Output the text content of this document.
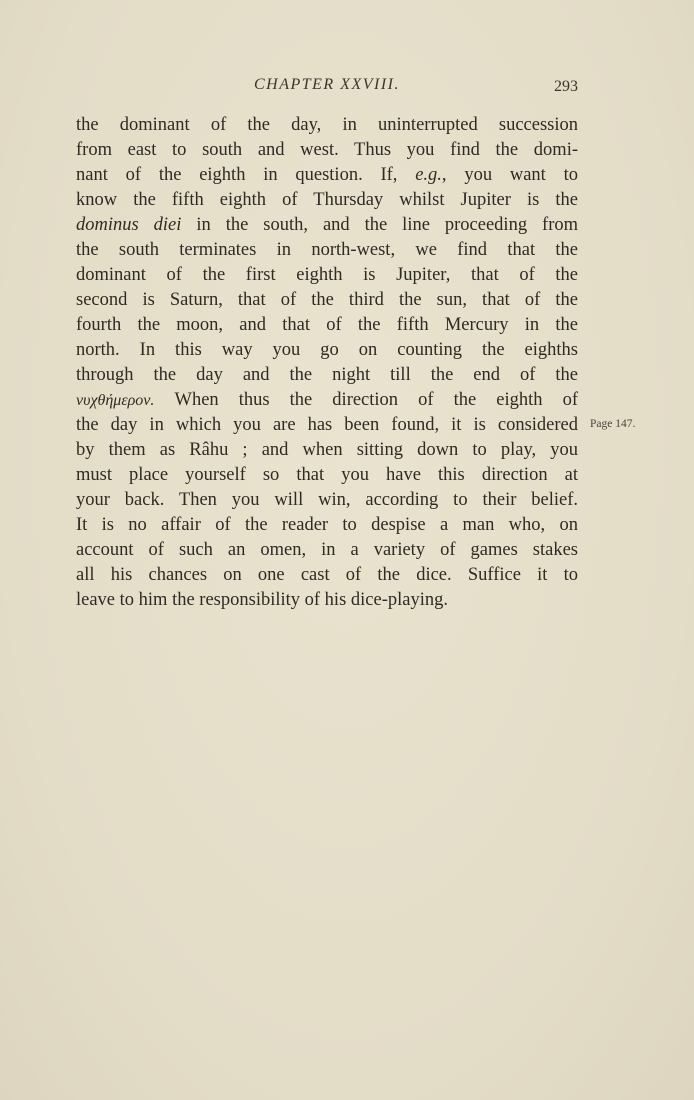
CHAPTER XXVIII.	293
the dominant of the day, in uninterrupted succession
from east to south and west. Thus you find the domi-
nant of the eighth in question. If, e.g., you want to
know the fifth eighth of Thursday whilst Jupiter is the
dominus diei in the south, and the line proceeding from
the south terminates in north-west, we find that the
dominant of the first eighth is Jupiter, that of the
second is Saturn, that of the third the sun, that of the
fourth the moon, and that of the fifth Mercury in the
north. In this way you go on counting the eighths
through the day and the night till the end of the
νυχθήμερον. When thus the direction of the eighth of
the day in which you are has been found, it is considered
by them as Râhu ; and when sitting down to play, you
must place yourself so that you have this direction at
your back. Then you will win, according to their belief.
It is no affair of the reader to despise a man who, on
account of such an omen, in a variety of games stakes
all his chances on one cast of the dice. Suffice it to
leave to him the responsibility of his dice-playing.
Page 147.
